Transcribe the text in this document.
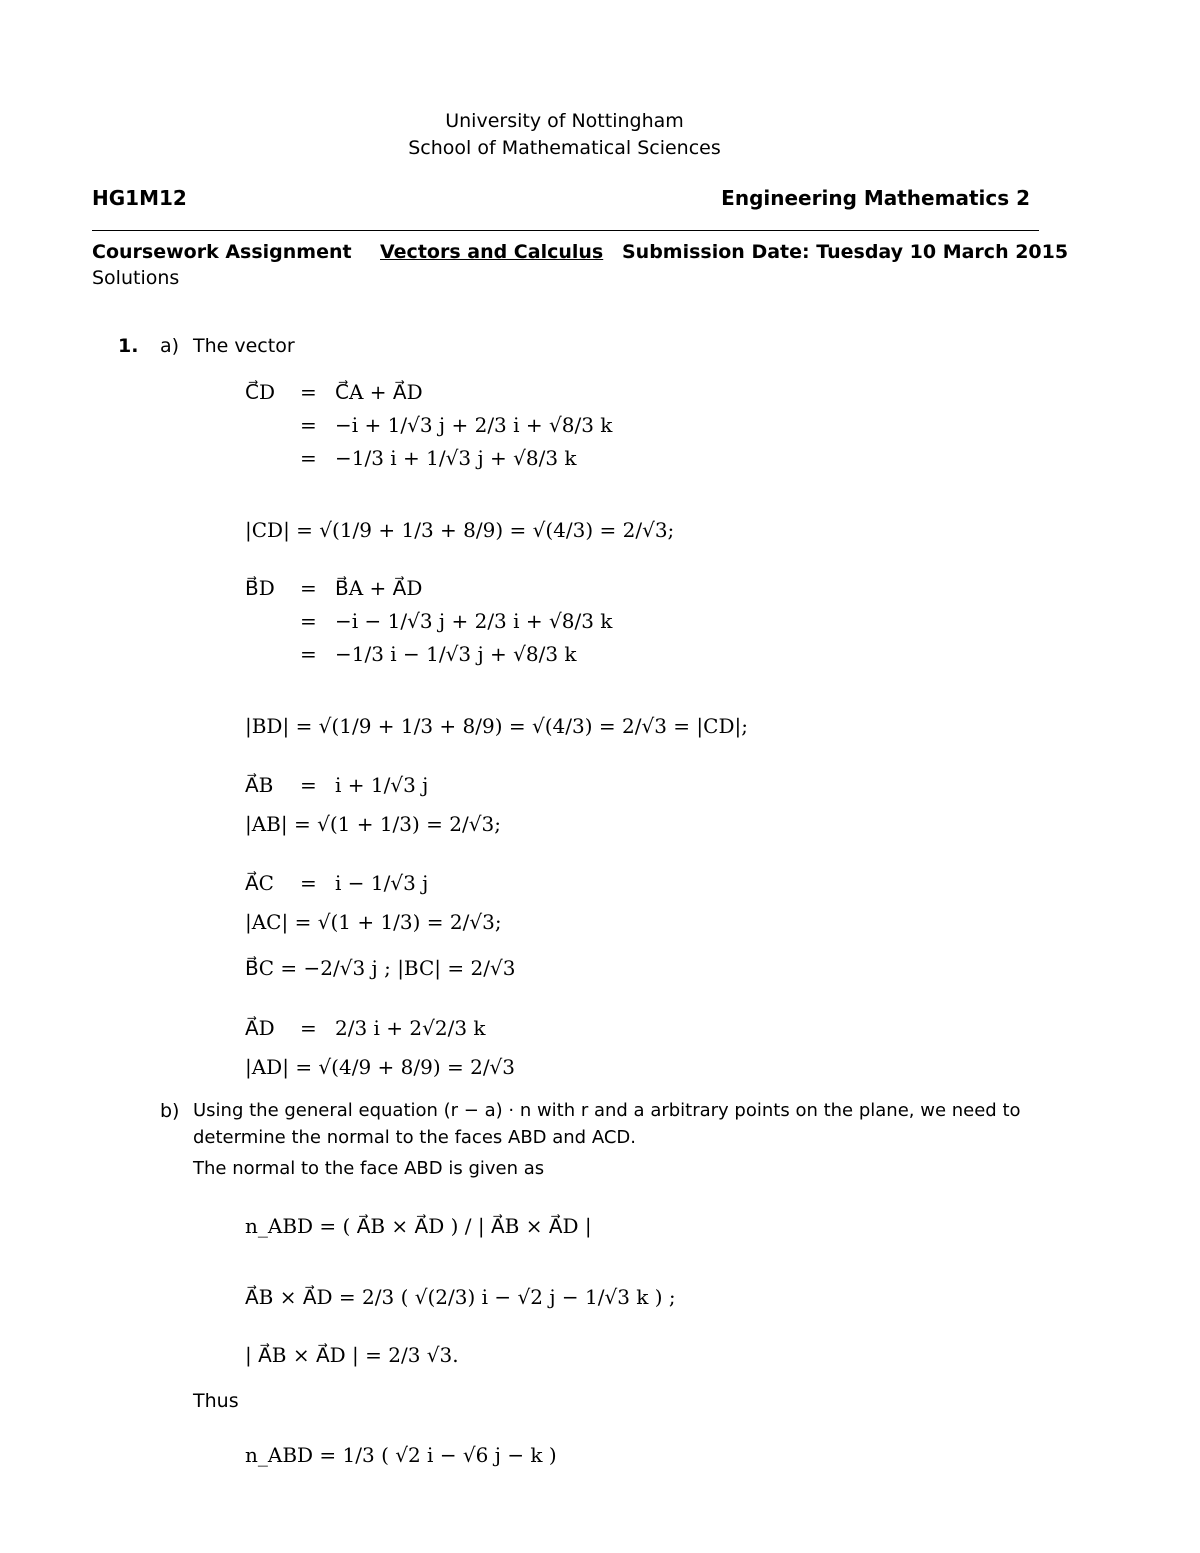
University of Nottingham
School of Mathematical Sciences
HG1M12	Engineering Mathematics 2
Coursework Assignment Vectors and Calculus Submission Date: Tuesday 10 March 2015
Solutions
1. a) The vector
C⃗D = C⃗A + A⃗D
= −i + 1/√3 j + 2/3 i + √8/3 k
= −1/3 i + 1/√3 j + √8/3 k
|CD| = √(1/9 + 1/3 + 8/9) = √(4/3) = 2/√3;
B⃗D = B⃗A + A⃗D
= −i − 1/√3 j + 2/3 i + √8/3 k
= −1/3 i − 1/√3 j + √8/3 k
|BD| = √(1/9 + 1/3 + 8/9) = √(4/3) = 2/√3 = |CD|;
A⃗B = i + 1/√3 j
|AB| = √(1 + 1/3) = 2/√3;
A⃗C = i − 1/√3 j
|AC| = √(1 + 1/3) = 2/√3;
B⃗C = −2/√3 j ; |BC| = 2/√3
A⃗D = 2/3 i + 2√2/3 k
|AD| = √(4/9 + 8/9) = 2/√3
b) Using the general equation (r − a) · n with r and a arbitrary points on the plane, we need to
determine the normal to the faces ABD and ACD.
The normal to the face ABD is given as
n_ABD = ( A⃗B × A⃗D ) / | A⃗B × A⃗D |
A⃗B × A⃗D = 2/3 ( √(2/3) i − √2 j − 1/√3 k ) ;
| A⃗B × A⃗D | = 2/3 √3.
Thus
n_ABD = 1/3 ( √2 i − √6 j − k )
